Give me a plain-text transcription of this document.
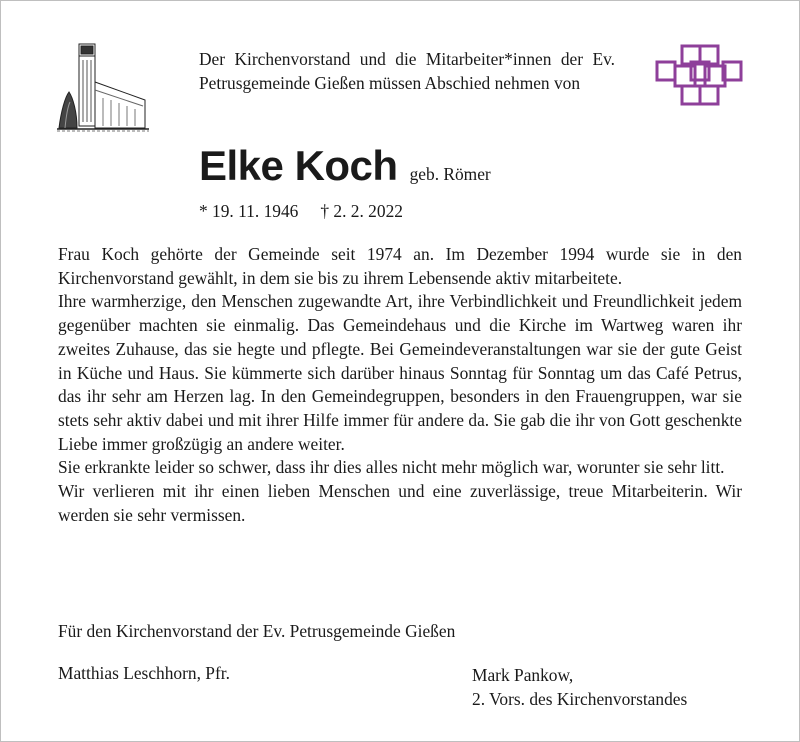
Der Kirchenvorstand und die Mitarbeiter*innen der Ev. Petrusgemeinde Gießen müssen Abschied nehmen von
Elke Koch geb. Römer
* 19. 11. 1946 † 2. 2. 2022

Frau Koch gehörte der Gemeinde seit 1974 an. Im Dezember 1994 wurde sie in den Kirchenvorstand gewählt, in dem sie bis zu ihrem Lebensende aktiv mitarbeitete.

Ihre warmherzige, den Menschen zugewandte Art, ihre Verbindlichkeit und Freundlichkeit jedem gegenüber machten sie einmalig. Das Gemeindehaus und die Kirche im Wartweg waren ihr zweites Zuhause, das sie hegte und pflegte. Bei Gemeindeveranstaltungen war sie der gute Geist in Küche und Haus. Sie kümmerte sich darüber hinaus Sonntag für Sonntag um das Café Petrus, das ihr sehr am Herzen lag. In den Gemeindegruppen, besonders in den Frauengruppen, war sie stets sehr aktiv dabei und mit ihrer Hilfe immer für andere da. Sie gab die ihr von Gott geschenkte Liebe immer großzügig an andere weiter.

Sie erkrankte leider so schwer, dass ihr dies alles nicht mehr möglich war, worunter sie sehr litt.

Wir verlieren mit ihr einen lieben Menschen und eine zuverlässige, treue Mitarbeiterin. Wir werden sie sehr vermissen.

Für den Kirchenvorstand der Ev. Petrusgemeinde Gießen
Matthias Leschhorn, Pfr.	Mark Pankow,
2. Vors. des Kirchenvorstandes
